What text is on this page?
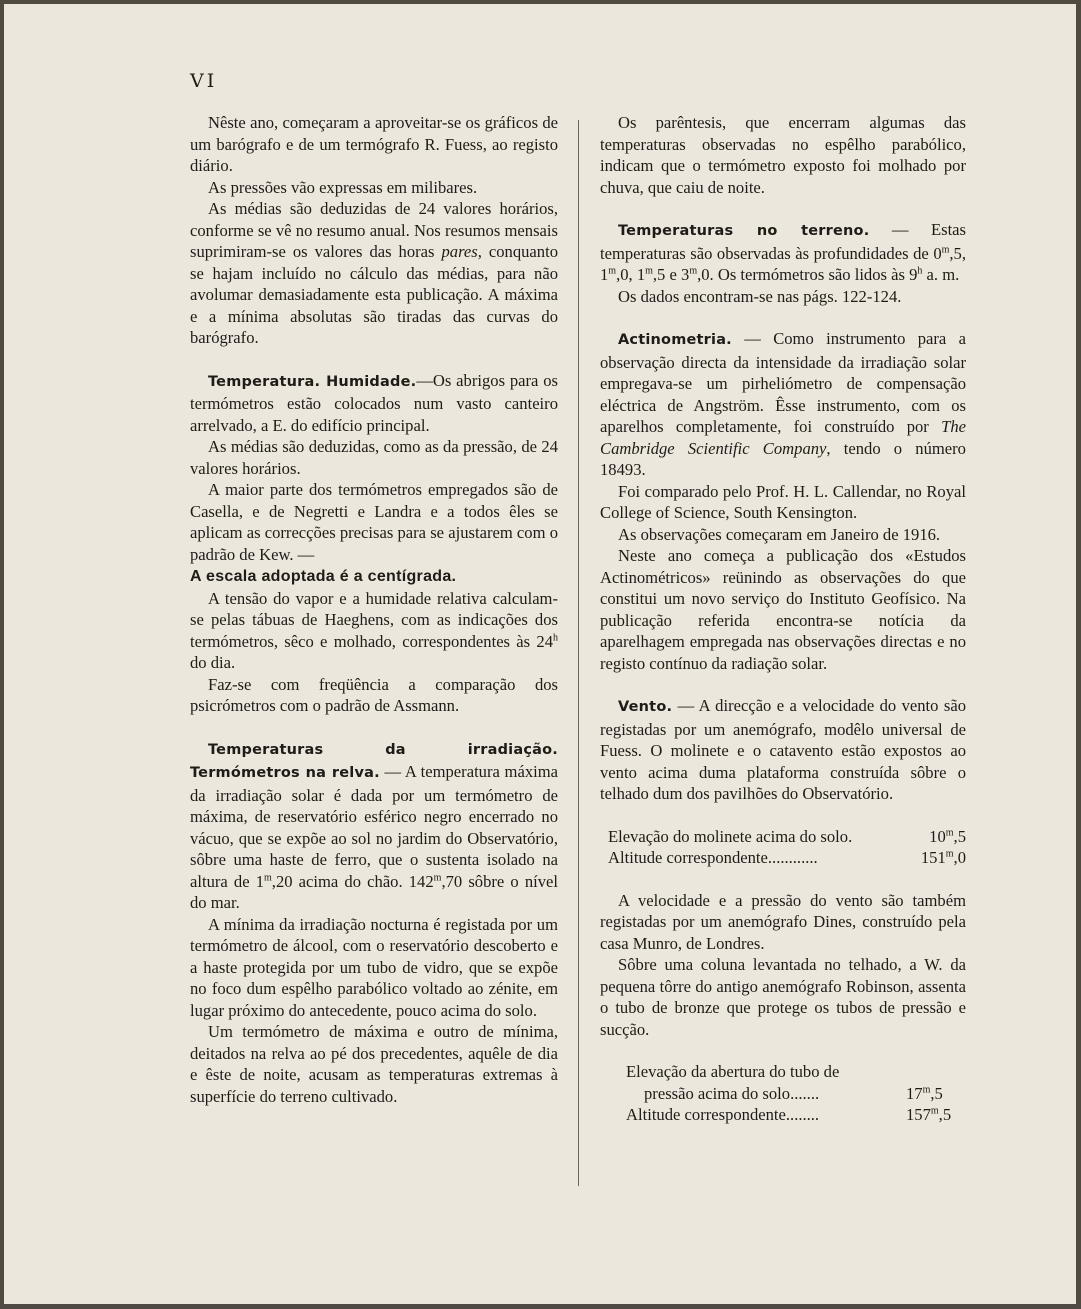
VI

Nêste ano, começaram a aproveitar-se os gráficos de um barógrafo e de um termógrafo R. Fuess, ao registo diário.

As pressões vão expressas em milibares.

As médias são deduzidas de 24 valores horários, conforme se vê no resumo anual. Nos resumos mensais suprimiram-se os valores das horas pares, conquanto se hajam incluído no cálculo das médias, para não avolumar demasiadamente esta publicação. A máxima e a mínima absolutas são tiradas das curvas do barógrafo.

Temperatura. Humidade.—Os abrigos para os termómetros estão colocados num vasto canteiro arrelvado, a E. do edifício principal.

As médias são deduzidas, como as da pressão, de 24 valores horários.

A maior parte dos termómetros empregados são de Casella, e de Negretti e Landra e a todos êles se aplicam as correcções precisas para se ajustarem com o padrão de Kew. —

A escala adoptada é a centígrada.

A tensão do vapor e a humidade relativa calculam-se pelas tábuas de Haeghens, com as indicações dos termómetros, sêco e molhado, correspondentes às 24$^h$ do dia.

Faz-se com freqüência a comparação dos psicrómetros com o padrão de Assmann.

Temperaturas da irradiação. Termómetros na relva. — A temperatura máxima da irradiação solar é dada por um termómetro de máxima, de reservatório esférico negro encerrado no vácuo, que se expõe ao sol no jardim do Observatório, sôbre uma haste de ferro, que o sustenta isolado na altura de 1$^m$,20 acima do chão. 142$^m$,70 sôbre o nível do mar.

A mínima da irradiação nocturna é registada por um termómetro de álcool, com o reservatório descoberto e a haste protegida por um tubo de vidro, que se expõe no foco dum espêlho parabólico voltado ao zénite, em lugar próximo do antecedente, pouco acima do solo.

Um termómetro de máxima e outro de mínima, deitados na relva ao pé dos precedentes, aquêle de dia e êste de noite, acusam as temperaturas extremas à superfície do terreno cultivado.

Os parêntesis, que encerram algumas das temperaturas observadas no espêlho parabólico, indicam que o termómetro exposto foi molhado por chuva, que caiu de noite.

Temperaturas no terreno. — Estas temperaturas são observadas às profundidades de 0$^m$,5, 1$^m$,0, 1$^m$,5 e 3$^m$,0. Os termómetros são lidos às 9$^h$ a. m.

Os dados encontram-se nas págs. 122-124.

Actinometria. — Como instrumento para a observação directa da intensidade da irradiação solar empregava-se um pirheliómetro de compensação eléctrica de Angström. Êsse instrumento, com os aparelhos completamente, foi construído por The Cambridge Scientific Company, tendo o número 18493.

Foi comparado pelo Prof. H. L. Callendar, no Royal College of Science, South Kensington.

As observações começaram em Janeiro de 1916.

Neste ano começa a publicação dos «Estudos Actinométricos» reünindo as observações do que constitui um novo serviço do Instituto Geofísico. Na publicação referida encontra-se notícia da aparelhagem empregada nas observações directas e no registo contínuo da radiação solar.

Vento. — A direcção e a velocidade do vento são registadas por um anemógrafo, modêlo universal de Fuess. O molinete e o catavento estão expostos ao vento acima duma plataforma construída sôbre o telhado dum dos pavilhões do Observatório.

Elevação do molinete acima do solo.	10$^m$,5
Altitude correspondente............	151$^m$,0

A velocidade e a pressão do vento são também registadas por um anemógrafo Dines, construído pela casa Munro, de Londres.

Sôbre uma coluna levantada no telhado, a W. da pequena tôrre do antigo anemógrafo Robinson, assenta o tubo de bronze que protege os tubos de pressão e sucção.

Elevação da abertura do tubo de
pressão acima do solo.......	17$^m$,5
Altitude correspondente........	157$^m$,5
